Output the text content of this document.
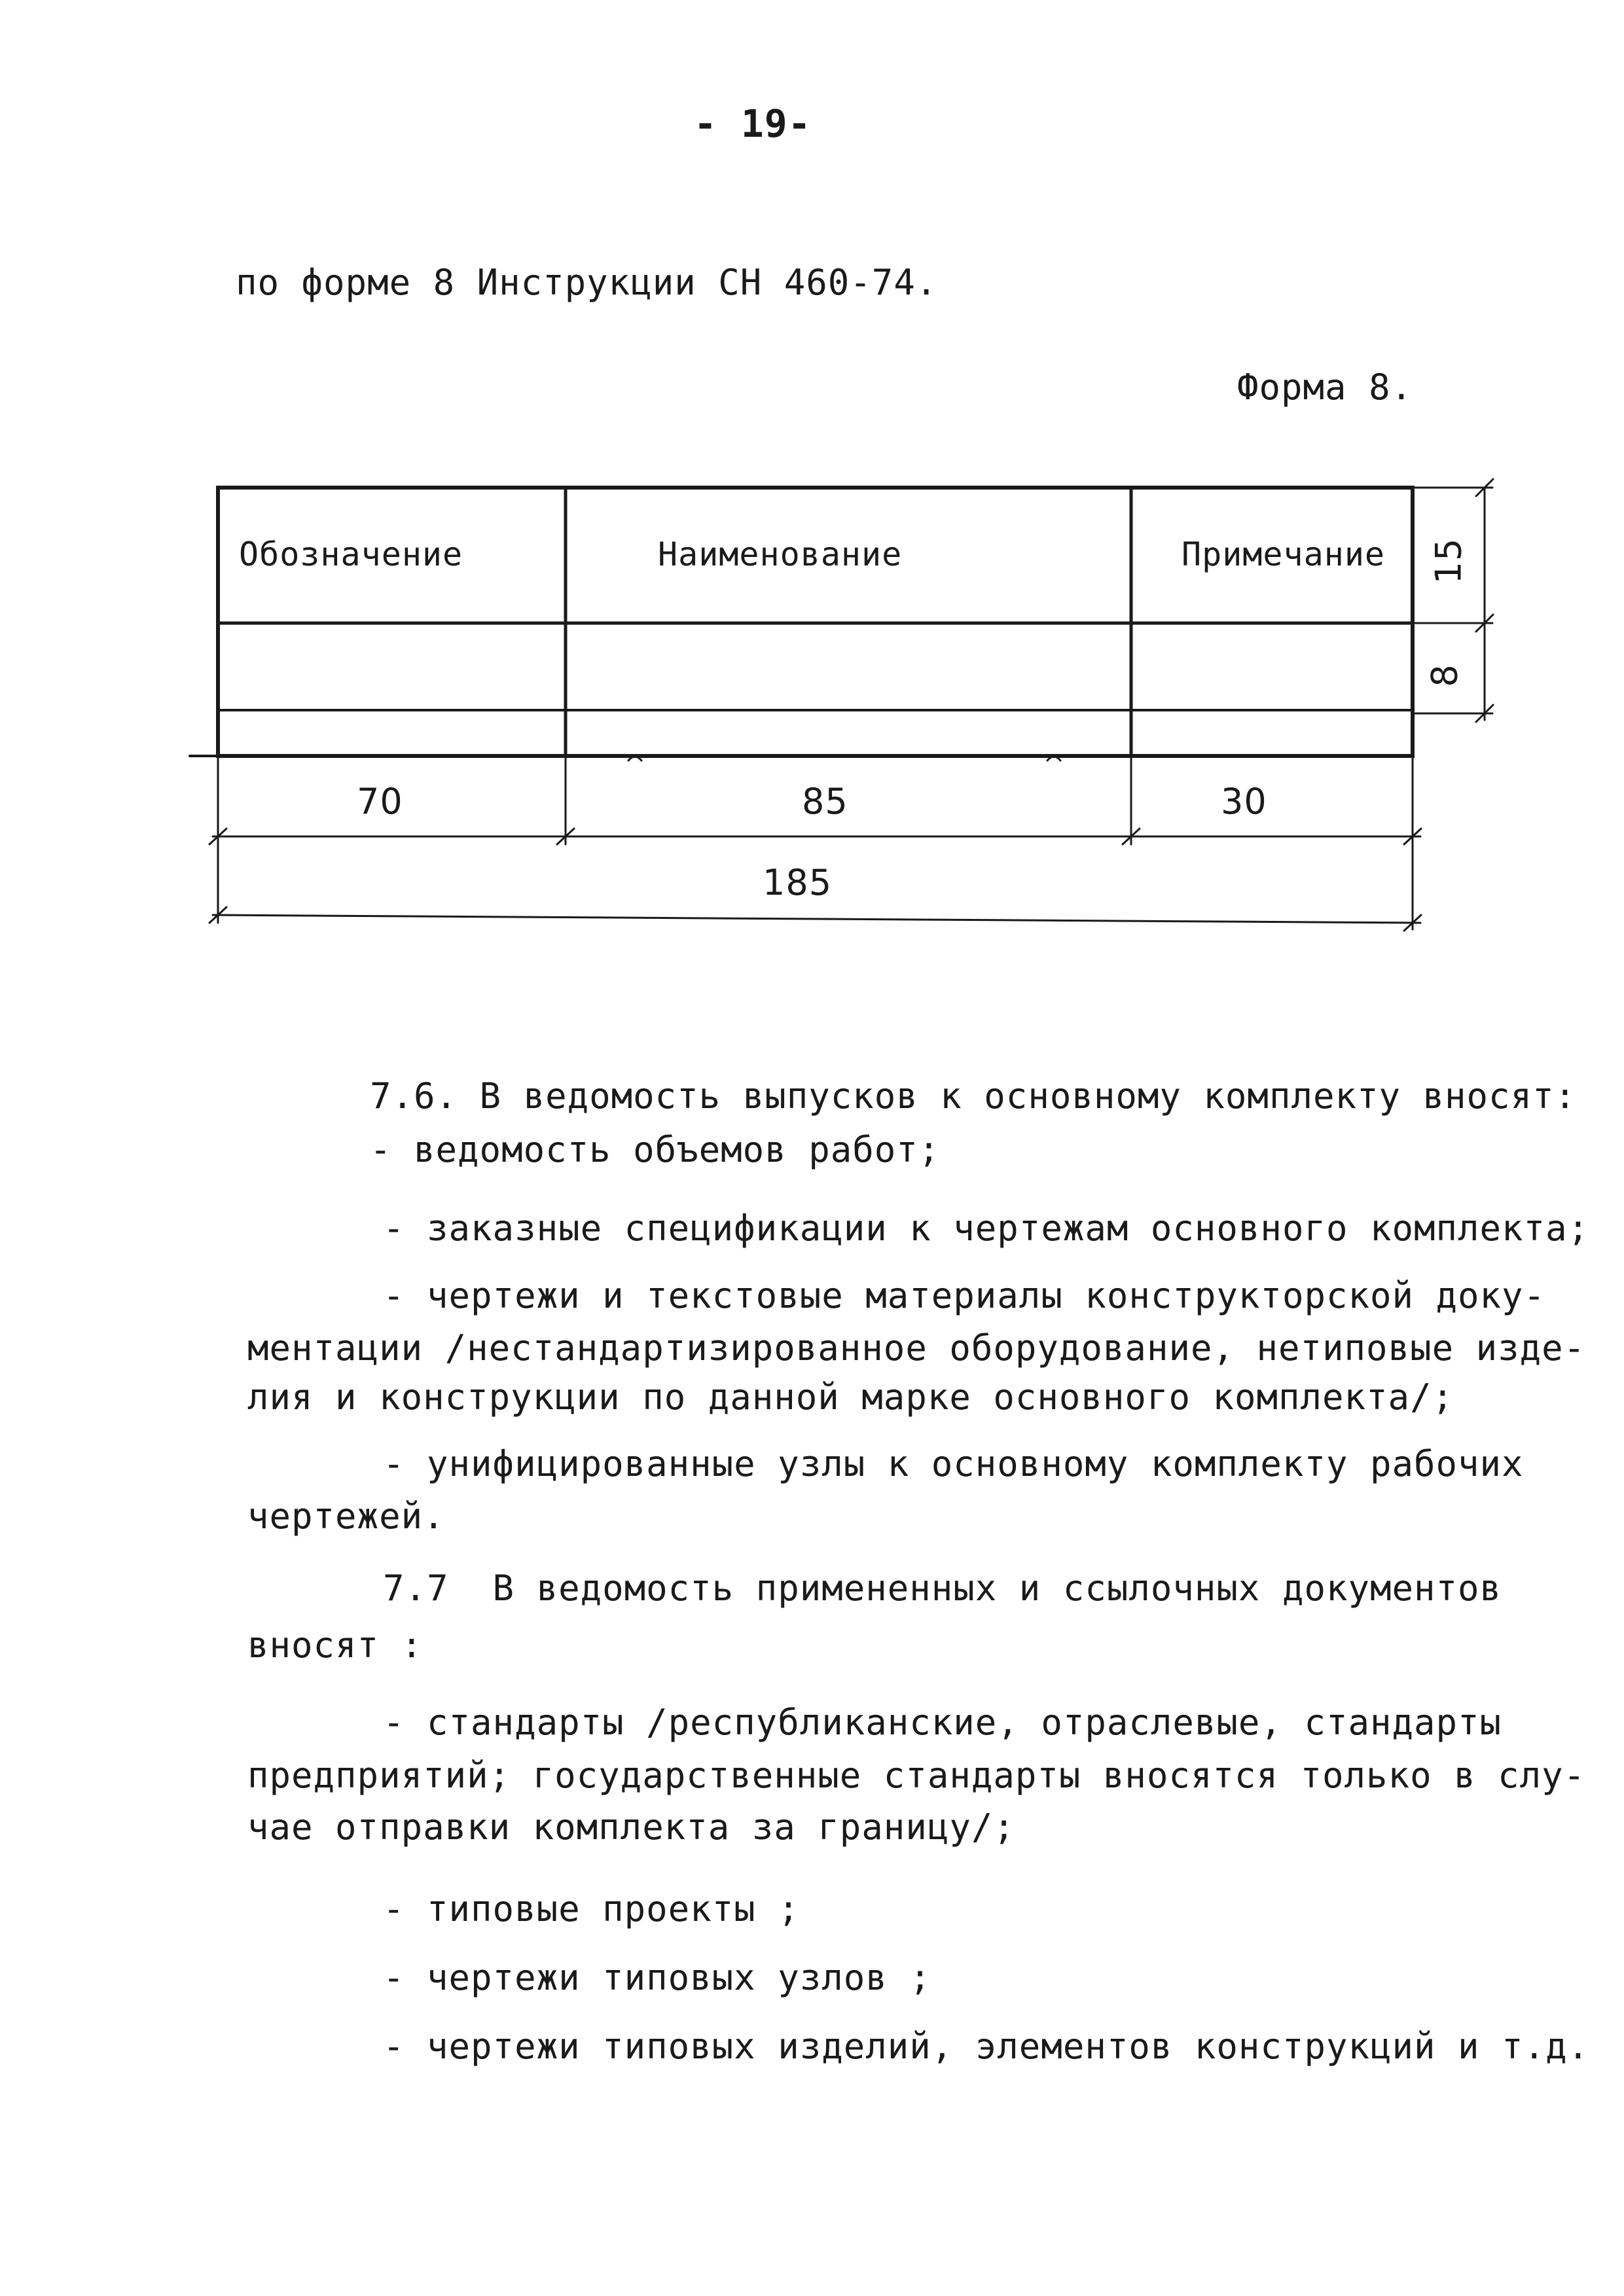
- 19-
по форме 8 Инструкции СН 460-74.
Форма 8.
Обозначение	Наименование	Примечание 15
8
70	85	30
185
7.6. В ведомость выпусков к основному комплекту вносят:
- ведомость объемов работ;
- заказные спецификации к чертежам основного комплекта;
- чертежи и текстовые материалы конструкторской доку-
ментации /нестандартизированное оборудование, нетиповые изде-
лия и конструкции по данной марке основного комплекта/;
- унифицированные узлы к основному комплекту рабочих
чертежей.
7.7  В ведомость примененных и ссылочных документов
вносят :
- стандарты /республиканские, отраслевые, стандарты
предприятий; государственные стандарты вносятся только в слу-
чае отправки комплекта за границу/;
- типовые проекты ;
- чертежи типовых узлов ;
- чертежи типовых изделий, элементов конструкций и т.д.
